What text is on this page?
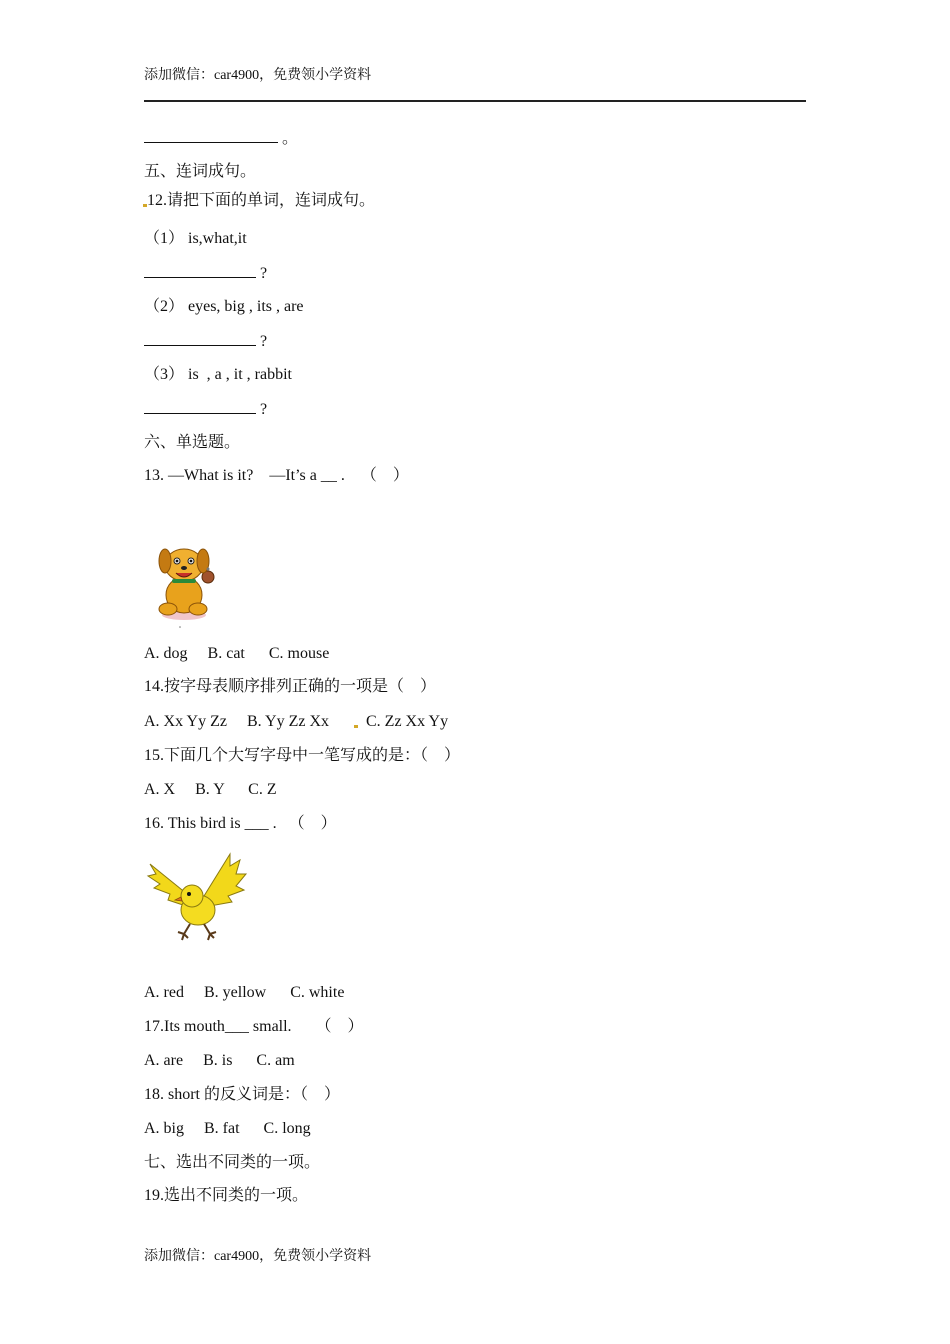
添加微信：car4900，免费领小学资料
。
五、连词成句。
12.请把下面的单词，连词成句。
（1） is,what,it
?
（2） eyes, big , its , are
?
（3） is  , a , it , rabbit
?
六、单选题。
13. —What is it?    —It’s a __ .    （    ）
A. dog     B. cat      C. mouse
14.按字母表顺序排列正确的一项是（    ）
A. Xx Yy Zz     B. Yy Zz Xx C. Zz Xx Yy
15.下面几个大写字母中一笔写成的是：（    ）
A. X     B. Y      C. Z
16. This bird is ___ .   （    ）
A. red     B. yellow      C. white
17.Its mouth___ small.      （    ）
A. are     B. is      C. am
18. short 的反义词是：（    ）
A. big     B. fat      C. long
七、选出不同类的一项。
19.选出不同类的一项。
添加微信：car4900，免费领小学资料
